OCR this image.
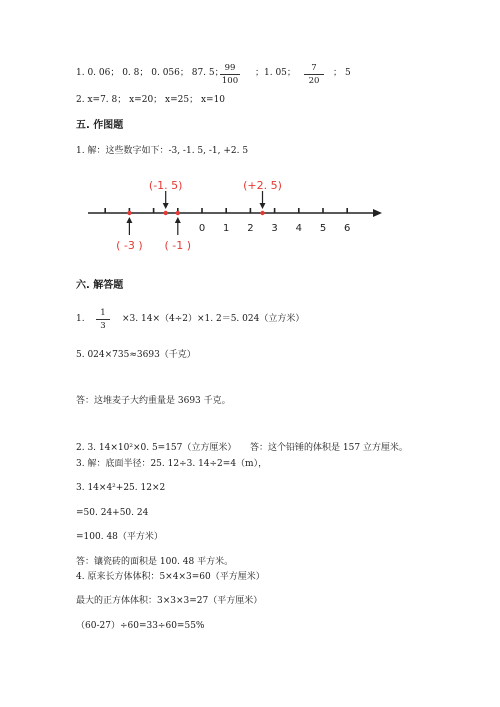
1. 0. 06； 0. 8； 0. 056； 87. 5； 99
100
； 1. 05；	7
20
； 5
2. x=7. 8； x=20； x=25； x=10
五. 作图题
1. 解：这些数字如下：-3, -1. 5, -1, +2. 5
0 1 2 3 4 5 6
(-1. 5)	(+2. 5)
( -3 ) ( -1 )
六. 解答题
1.
1
3
×3. 14×（4÷2）×1. 2＝5. 024（立方米）
5. 024×735≈3693（千克）
答：这堆麦子大约重量是 3693 千克。
2. 3. 14×10²×0. 5=157（立方厘米） 答：这个铅锤的体积是 157 立方厘米。
3. 解：底面半径：25. 12÷3. 14÷2=4（m），
3. 14×4²+25. 12×2
=50. 24+50. 24
=100. 48（平方米）
答：镶瓷砖的面积是 100. 48 平方米。
4. 原来长方体体积：5×4×3=60（平方厘米）
最大的正方体体积：3×3×3=27（平方厘米）
（60-27）÷60=33÷60=55%
